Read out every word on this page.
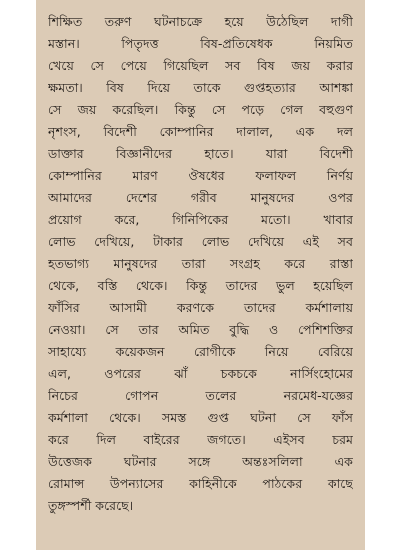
শিক্ষিত তরুণ ঘটনাচক্রে হয়ে উঠেছিল দাগী
মস্তান। পিতৃদত্ত বিষ-প্রতিষেধক নিয়মিত
খেয়ে সে পেয়ে গিয়েছিল সব বিষ জয় করার
ক্ষমতা। বিষ দিয়ে তাকে গুপ্তহত্যার আশঙ্কা
সে জয় করেছিল। কিন্তু সে পড়ে গেল বহুগুণ
নৃশংস, বিদেশী কোম্পানির দালাল, এক দল
ডাক্তার বিজ্ঞানীদের হাতে। যারা বিদেশী
কোম্পানির মারণ ঔষধের ফলাফল নির্ণয়
আমাদের দেশের গরীব মানুষদের ওপর
প্রয়োগ করে, গিনিপিকের মতো। খাবার
লোভ দেখিয়ে, টাকার লোভ দেখিয়ে এই সব
হতভাগ্য মানুষদের তারা সংগ্রহ করে রাস্তা
থেকে, বস্তি থেকে। কিন্তু তাদের ভুল হয়েছিল
ফাঁসির আসামী করণকে তাদের কর্মশালায়
নেওয়া। সে তার অমিত বুদ্ধি ও পেশিশক্তির
সাহায্যে কয়েকজন রোগীকে নিয়ে বেরিয়ে
এল, ওপরের ঝাঁ চকচকে নার্সিংহোমের
নিচের গোপন তলের নরমেধ-যজ্ঞের
কর্মশালা থেকে। সমস্ত গুপ্ত ঘটনা সে ফাঁস
করে দিল বাইরের জগতে। এইসব চরম
উত্তেজক ঘটনার সঙ্গে অন্তঃসলিলা এক
রোমান্স উপন্যাসের কাহিনীকে পাঠকের কাছে
তুঙ্গস্পর্শী করেছে।
